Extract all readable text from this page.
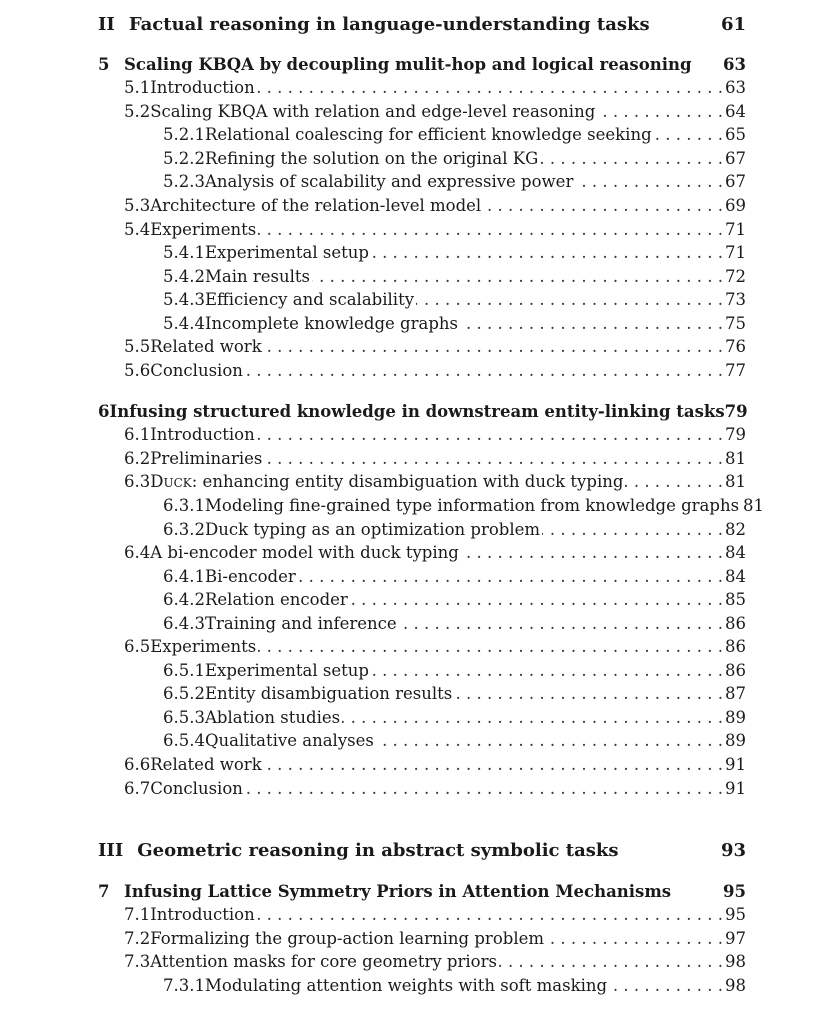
II Factual reasoning in language-understanding tasks	61
5 Scaling KBQA by decoupling mulit-hop and logical reasoning	63
5.1 Introduction . . .	63
5.2 Scaling KBQA with relation and edge-level reasoning . . .	64
5.2.1 Relational coalescing for efficient knowledge seeking . . .	65
5.2.2 Refining the solution on the original KG . . .	67
5.2.3 Analysis of scalability and expressive power . . .	67
5.3 Architecture of the relation-level model . . .	69
5.4 Experiments . . .	71
5.4.1 Experimental setup . . .	71
5.4.2 Main results . . .	72
5.4.3 Efficiency and scalability . . .	73
5.4.4 Incomplete knowledge graphs . . .	75
5.5 Related work . . .	76
5.6 Conclusion . . .	77
6 Infusing structured knowledge in downstream entity-linking tasks 79
6.1 Introduction . . .	79
6.2 Preliminaries . . .	81
6.3 Duck : enhancing entity disambiguation with duck typing . . .	81
6.3.1 Modeling fine-grained type information from knowledge graphs 81
6.3.2 Duck typing as an optimization problem . . .	82
6.4 A bi-encoder model with duck typing . . .	84
6.4.1 Bi-encoder . . .	84
6.4.2 Relation encoder . . .	85
6.4.3 Training and inference . . .	86
6.5 Experiments . . .	86
6.5.1 Experimental setup . . .	86
6.5.2 Entity disambiguation results . . .	87
6.5.3 Ablation studies . . .	89
6.5.4 Qualitative analyses . . .	89
6.6 Related work . . .	91
6.7 Conclusion . . .	91
III Geometric reasoning in abstract symbolic tasks	93
7 Infusing Lattice Symmetry Priors in Attention Mechanisms	95
7.1 Introduction . . .	95
7.2 Formalizing the group-action learning problem . . .	97
7.3 Attention masks for core geometry priors . . .	98
7.3.1 Modulating attention weights with soft masking . . .	98
